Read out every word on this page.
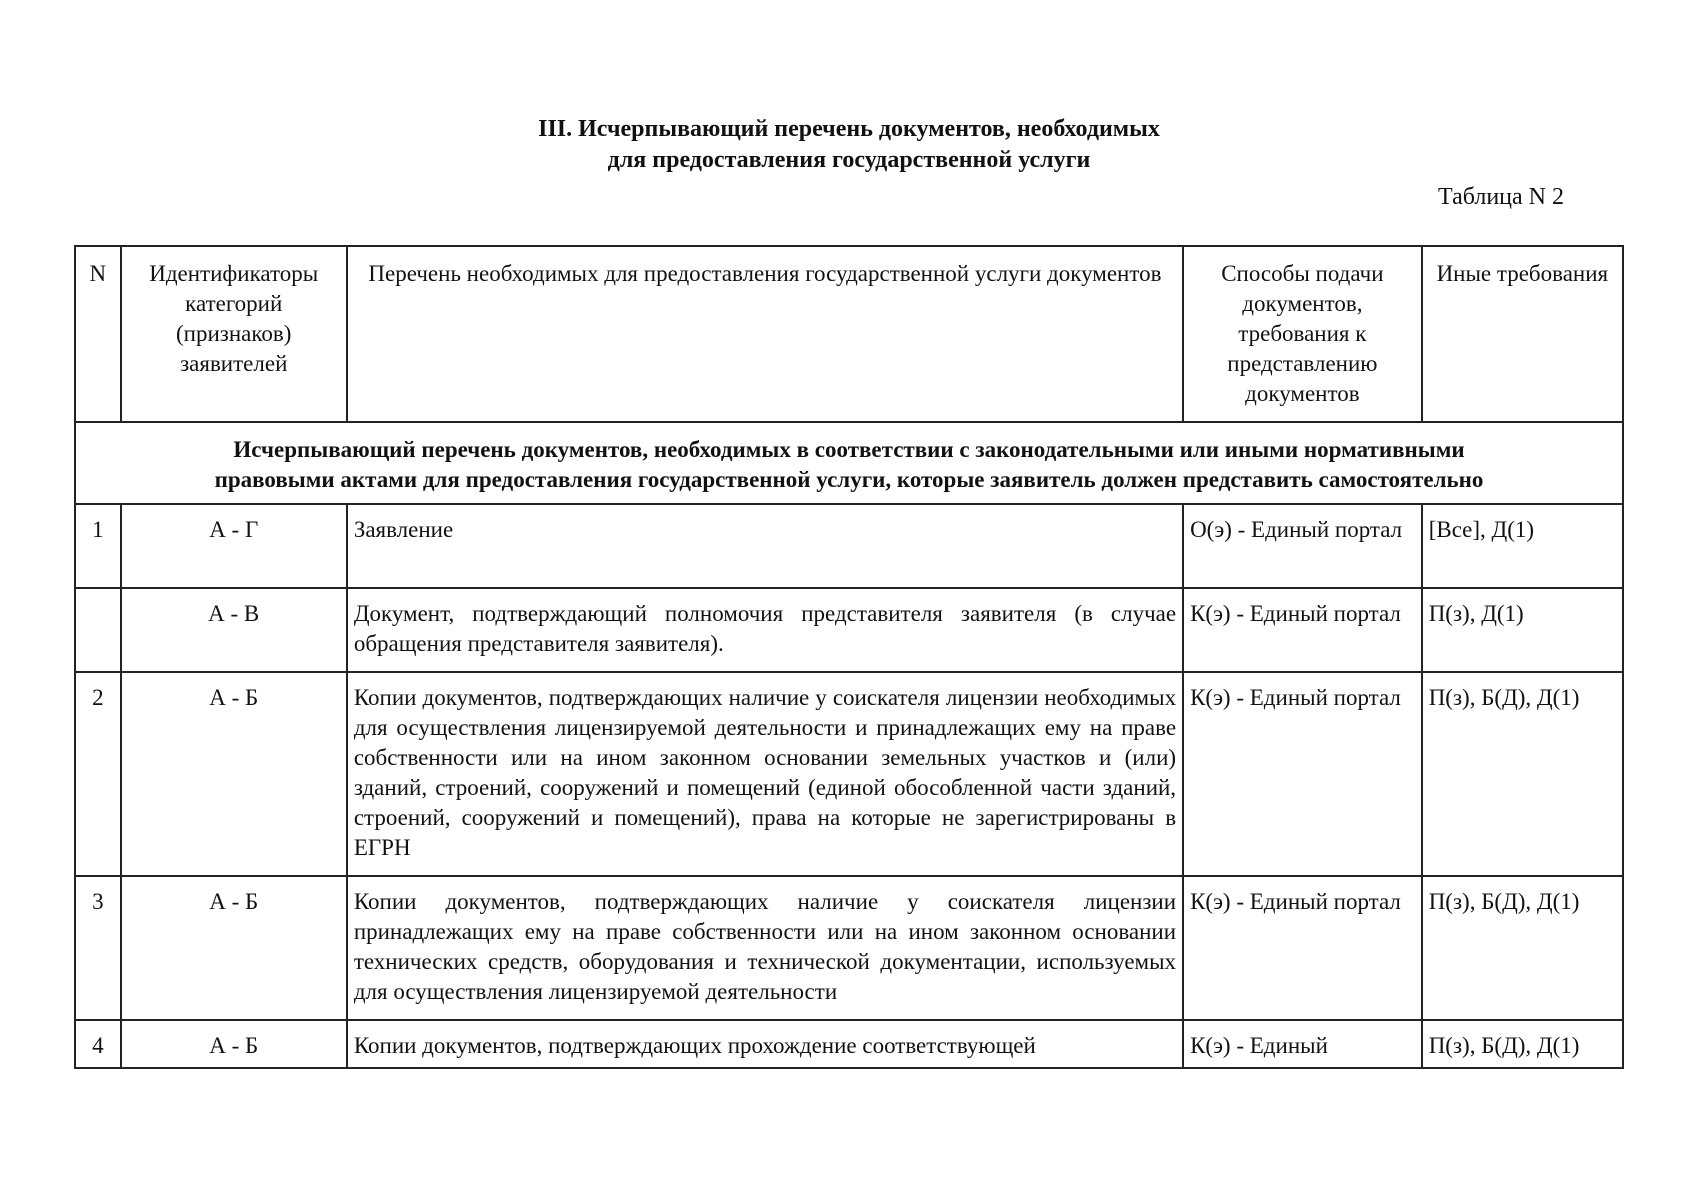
III. Исчерпывающий перечень документов, необходимых
для предоставления государственной услуги
Таблица N 2
N	Идентификаторы категорий (признаков) заявителей	Перечень необходимых для предоставления государственной услуги документов	Способы подачи документов, требования к представлению документов	Иные требования

Исчерпывающий перечень документов, необходимых в соответствии с законодательными или иными нормативными
правовыми актами для предоставления государственной услуги, которые заявитель должен представить самостоятельно				

1	А - Г	Заявление	О(э) - Единый портал	[Все], Д(1)
	А - В	Документ, подтверждающий полномочия представителя заявителя (в случае обращения представителя заявителя).	К(э) - Единый портал	П(з), Д(1)
2	А - Б	Копии документов, подтверждающих наличие у соискателя лицензии необходимых для осуществления лицензируемой деятельности и принадлежащих ему на праве собственности или на ином законном основании земельных участков и (или) зданий, строений, сооружений и помещений (единой обособленной части зданий, строений, сооружений и помещений), права на которые не зарегистрированы в ЕГРН	К(э) - Единый портал	П(з), Б(Д), Д(1)
3	А - Б	Копии документов, подтверждающих наличие у соискателя лицензии принадлежащих ему на праве собственности или на ином законном основании технических средств, оборудования и технической документации, используемых для осуществления лицензируемой деятельности	К(э) - Единый портал	П(з), Б(Д), Д(1)
4	А - Б	Копии документов, подтверждающих прохождение соответствующей	К(э) - Единый	П(з), Б(Д), Д(1)
